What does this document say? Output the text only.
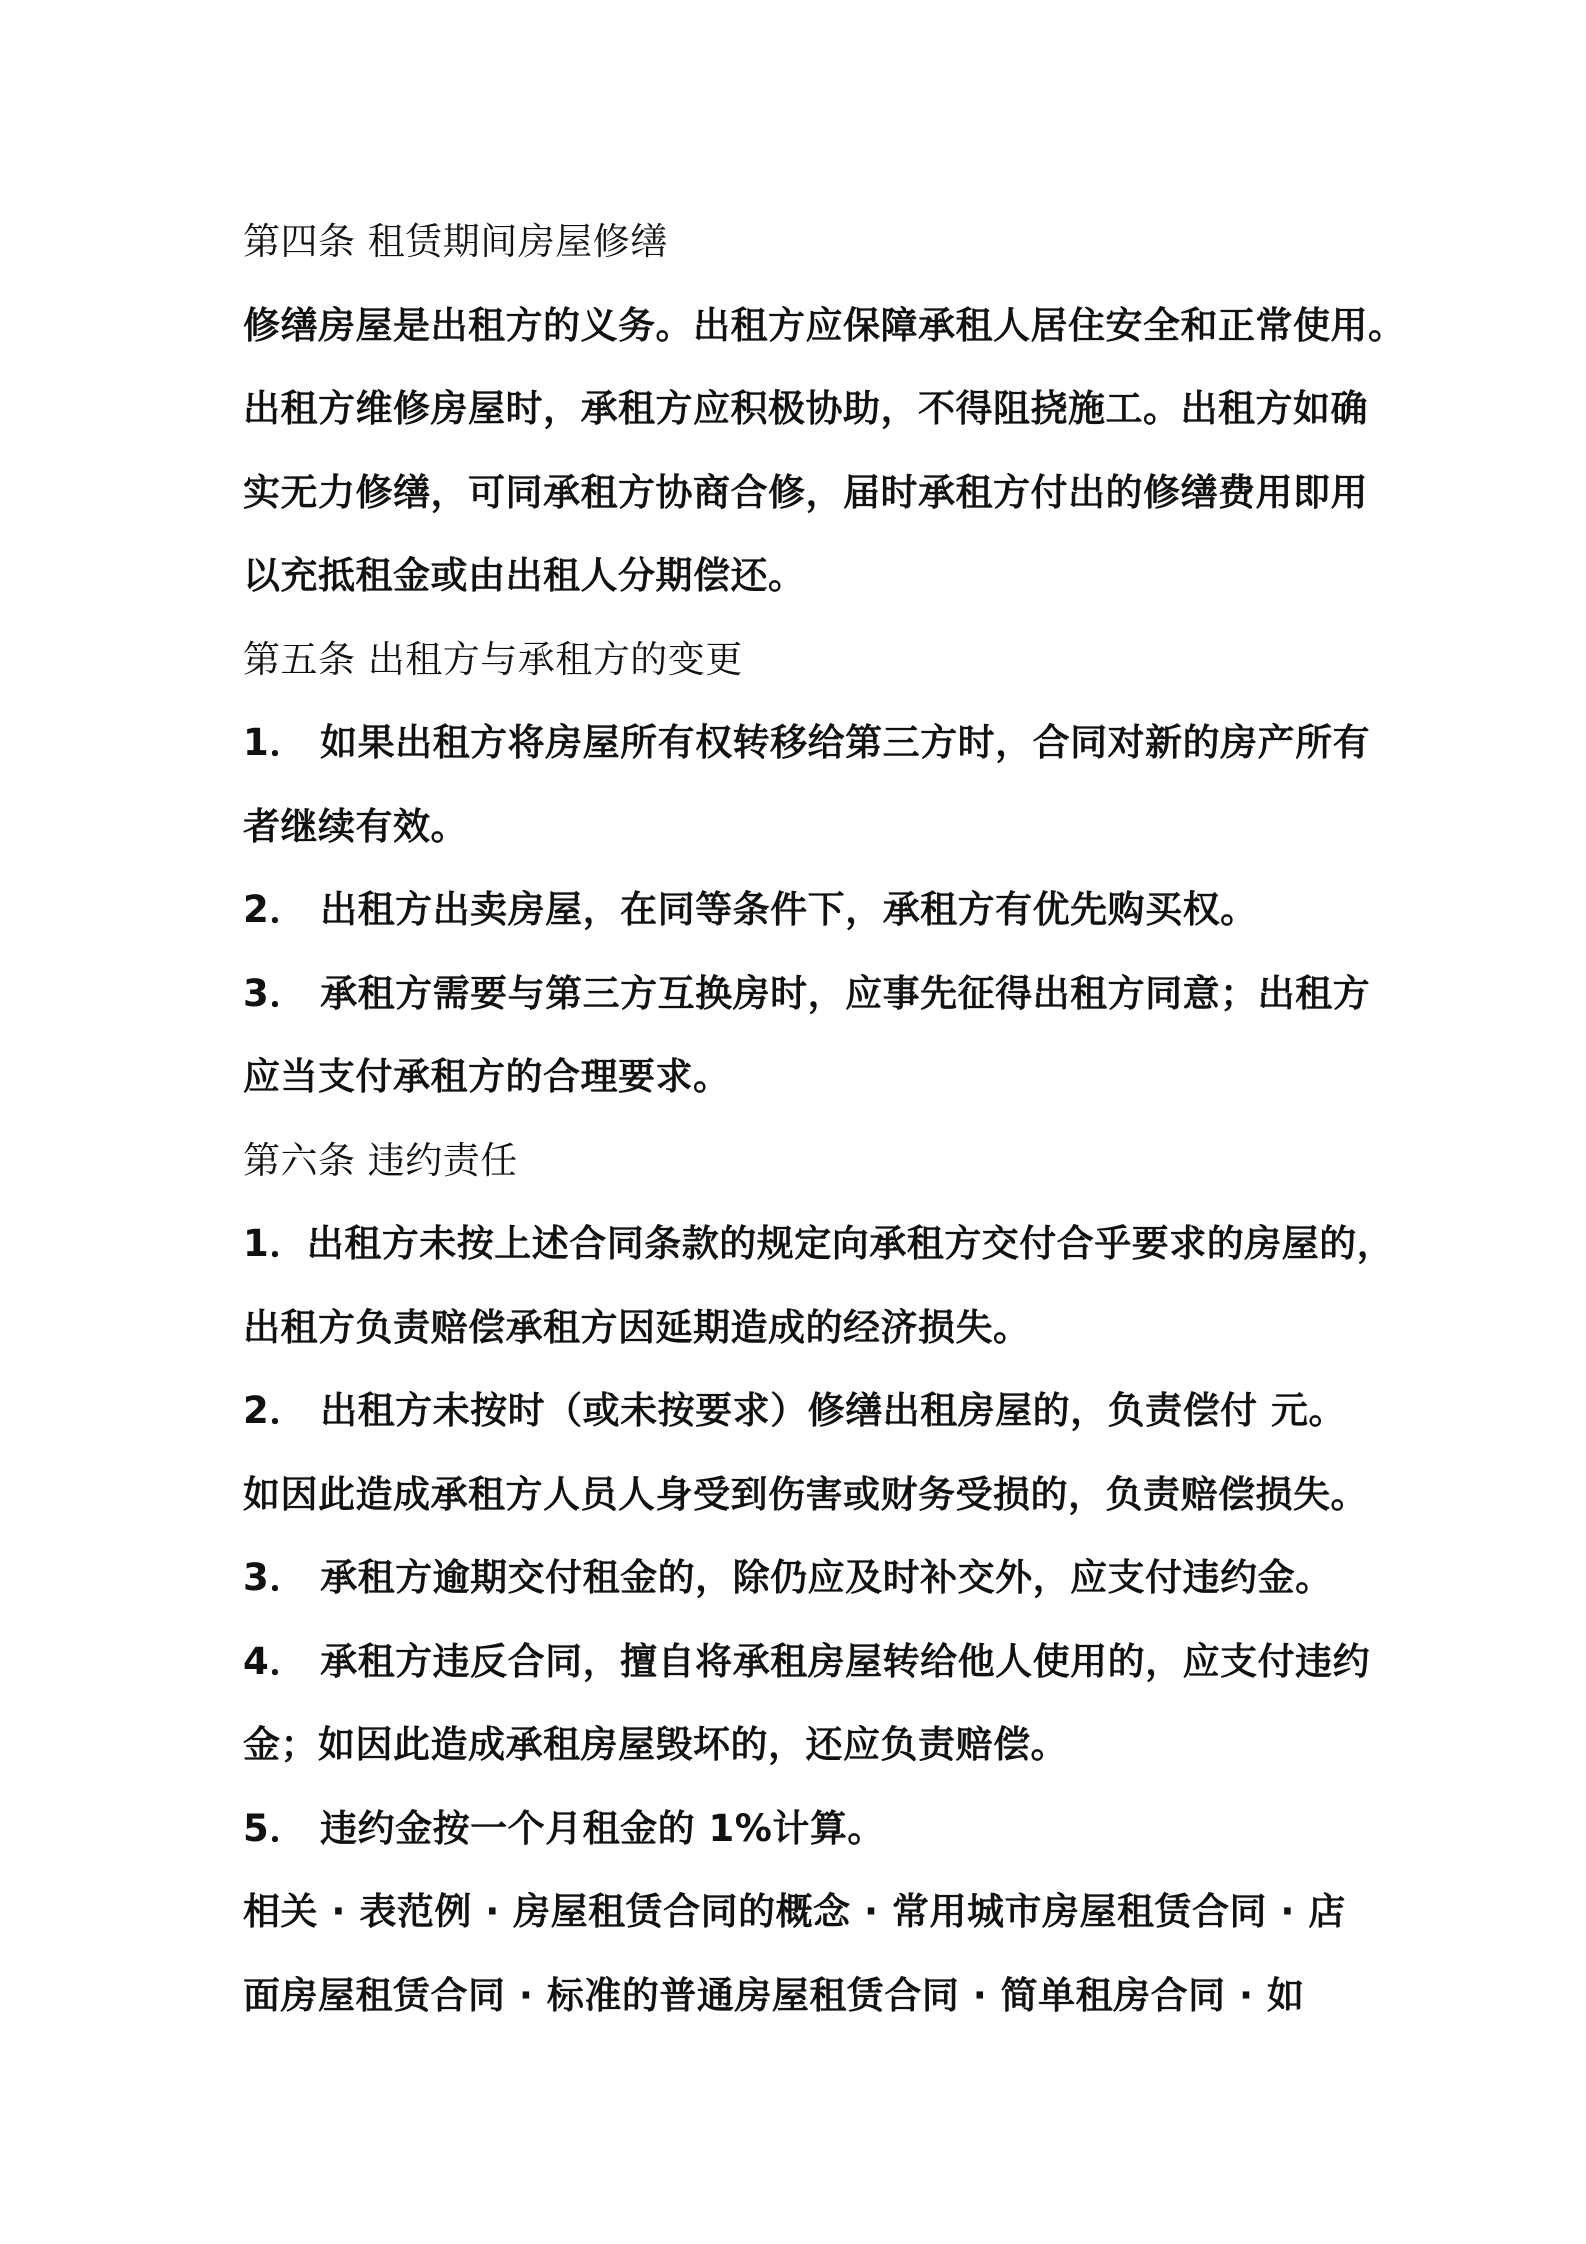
第四条 租赁期间房屋修缮
修缮房屋是出租方的义务。出租方应保障承租人居住安全和正常使用。
出租方维修房屋时，承租方应积极协助，不得阻挠施工。出租方如确
实无力修缮，可同承租方协商合修，届时承租方付出的修缮费用即用
以充抵租金或由出租人分期偿还。
第五条 出租方与承租方的变更
1． 如果出租方将房屋所有权转移给第三方时，合同对新的房产所有
者继续有效。
2． 出租方出卖房屋，在同等条件下，承租方有优先购买权。
3． 承租方需要与第三方互换房时，应事先征得出租方同意；出租方
应当支付承租方的合理要求。
第六条 违约责任
1．出租方未按上述合同条款的规定向承租方交付合乎要求的房屋的，
出租方负责赔偿承租方因延期造成的经济损失。
2． 出租方未按时（或未按要求）修缮出租房屋的，负责偿付 元。
如因此造成承租方人员人身受到伤害或财务受损的，负责赔偿损失。
3． 承租方逾期交付租金的，除仍应及时补交外，应支付违约金。
4． 承租方违反合同，擅自将承租房屋转给他人使用的，应支付违约
金；如因此造成承租房屋毁坏的，还应负责赔偿。
5． 违约金按一个月租金的 1%计算。
相关 · 表范例 · 房屋租赁合同的概念 · 常用城市房屋租赁合同 · 店
面房屋租赁合同 · 标准的普通房屋租赁合同 · 简单租房合同 · 如
